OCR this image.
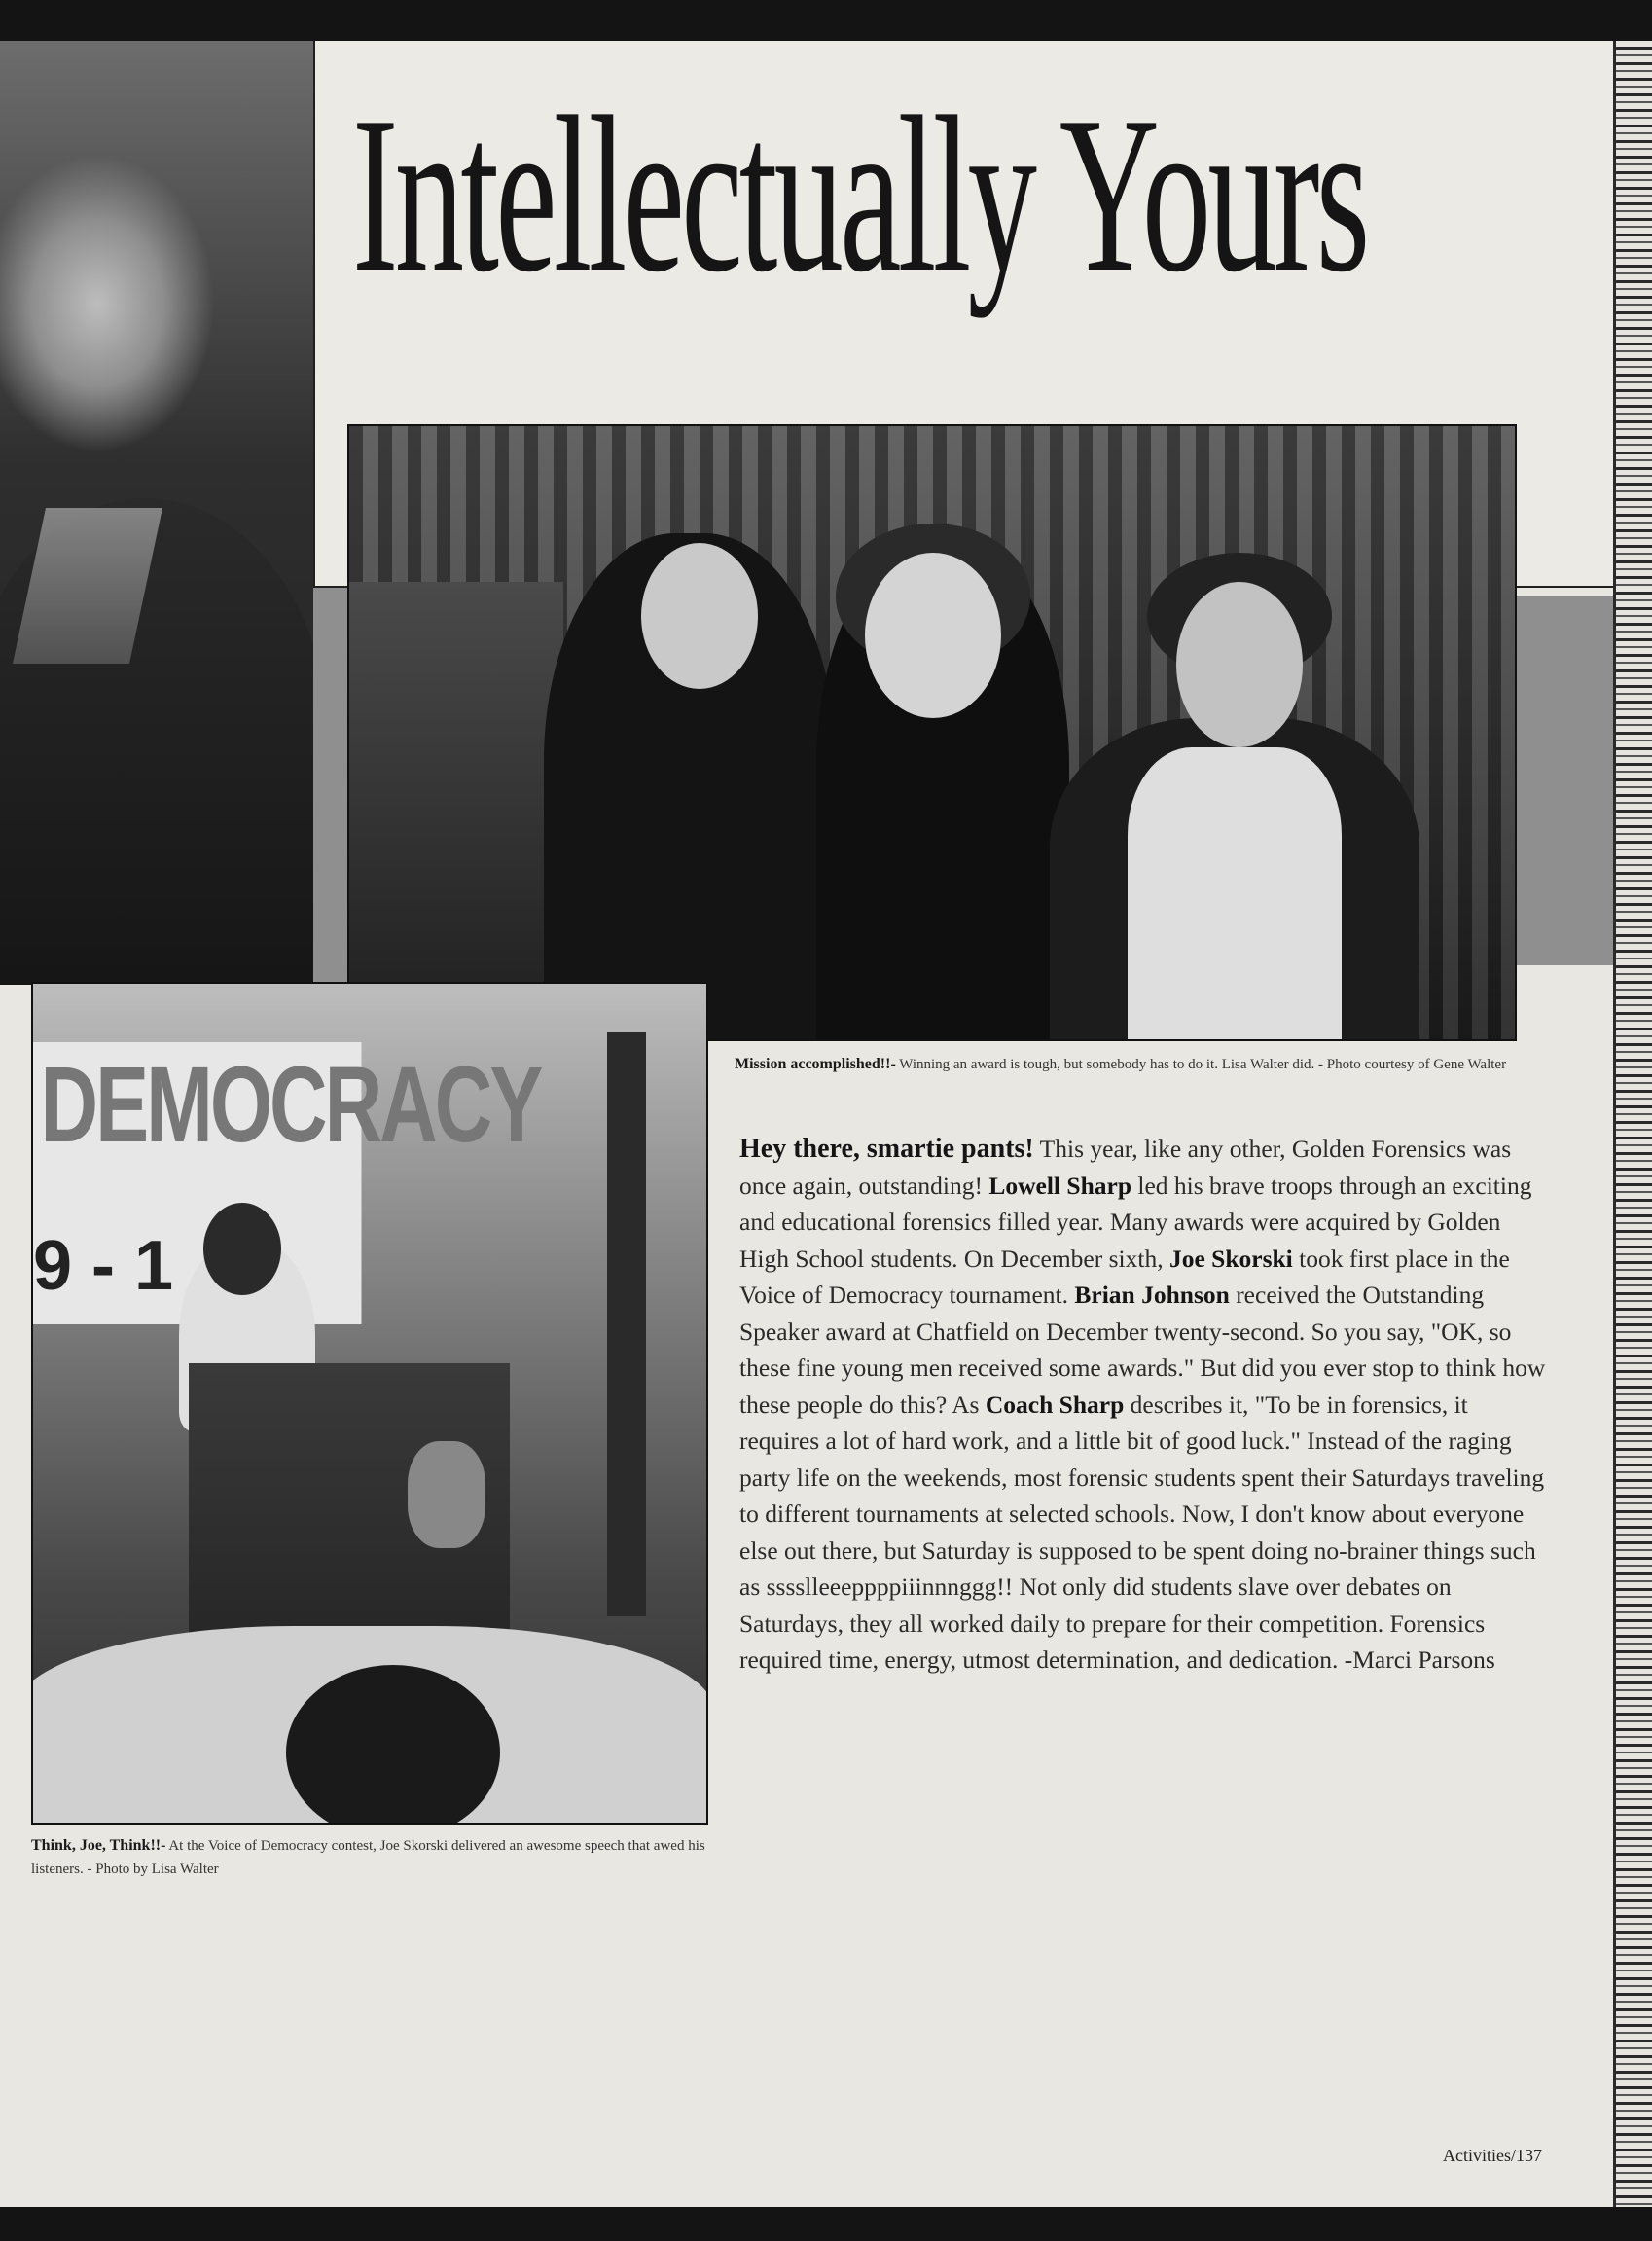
Intellectually Yours
Mission accomplished!!- Winning an award is tough, but somebody has to do it. Lisa Walter did. - Photo courtesy of Gene Walter
DEMOCRACY
9 - 1
Think, Joe, Think!!- At the Voice of Democracy contest, Joe Skorski delivered an awesome speech that awed his listeners. - Photo by Lisa Walter

Hey there, smartie pants! This year, like any other, Golden Forensics was once again, outstanding! Lowell Sharp led his brave troops through an exciting and educational forensics filled year. Many awards were acquired by Golden High School students. On December sixth, Joe Skorski took first place in the Voice of Democracy tournament. Brian Johnson received the Outstanding Speaker award at Chatfield on December twenty-second. So you say, "OK, so these fine young men received some awards." But did you ever stop to think how these people do this? As Coach Sharp describes it, "To be in forensics, it requires a lot of hard work, and a little bit of good luck." Instead of the raging party life on the weekends, most forensic students spent their Saturdays traveling to different tournaments at selected schools. Now, I don't know about everyone else out there, but Saturday is supposed to be spent doing no-brainer things such as sssslleeeppppiiinnnggg!! Not only did students slave over debates on Saturdays, they all worked daily to prepare for their competition. Forensics required time, energy, utmost determination, and dedication. -Marci Parsons

Activities/137
